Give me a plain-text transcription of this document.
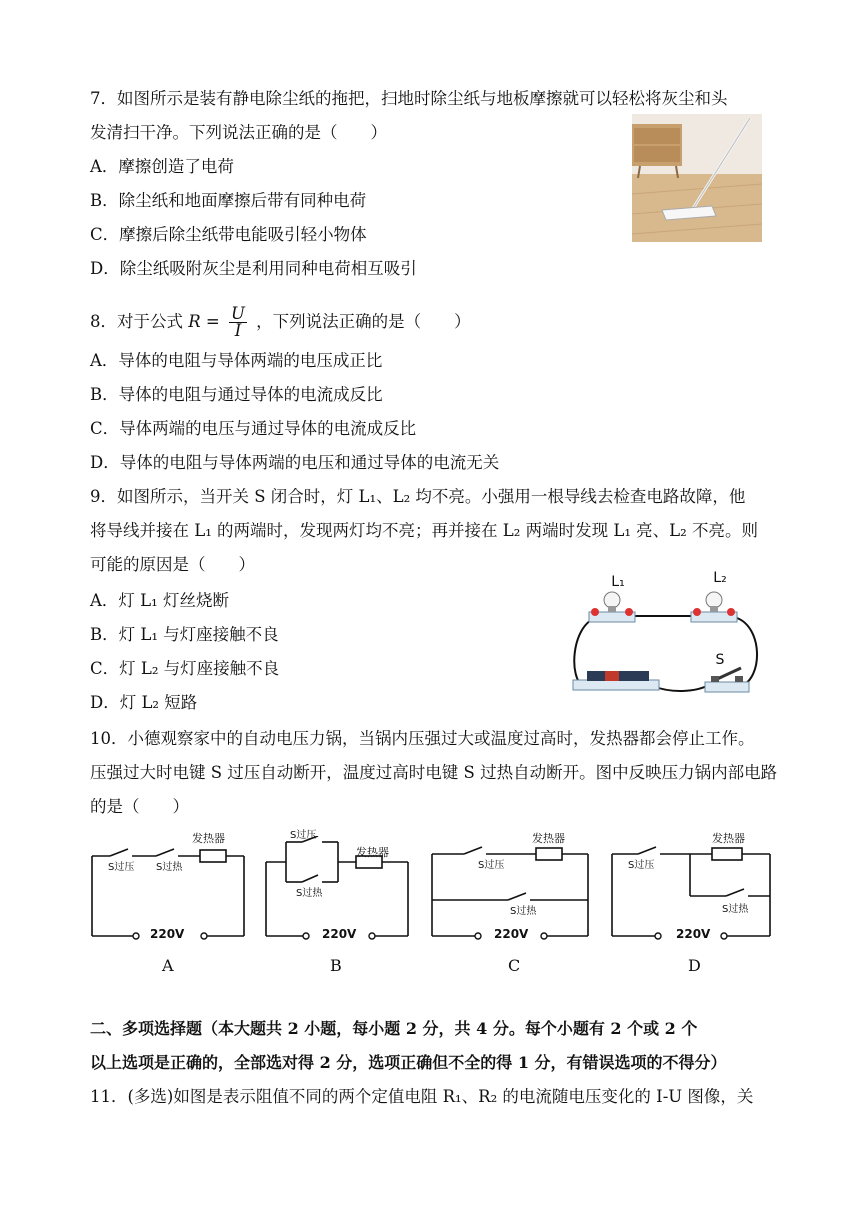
7．如图所示是装有静电除尘纸的拖把，扫地时除尘纸与地板摩擦就可以轻松将灰尘和头
发清扫干净。下列说法正确的是（　　）
A．摩擦创造了电荷
B．除尘纸和地面摩擦后带有同种电荷
C．摩擦后除尘纸带电能吸引轻小物体
D．除尘纸吸附灰尘是利用同种电荷相互吸引
8．对于公式 $R = \frac{U}{I}$ ，下列说法正确的是（　　）
A．导体的电阻与导体两端的电压成正比
B．导体的电阻与通过导体的电流成反比
C．导体两端的电压与通过导体的电流成反比
D．导体的电阻与导体两端的电压和通过导体的电流无关
9．如图所示，当开关 S 闭合时，灯 L₁、L₂ 均不亮。小强用一根导线去检查电路故障，他
将导线并接在 L₁ 的两端时，发现两灯均不亮；再并接在 L₂ 两端时发现 L₁ 亮、L₂ 不亮。则
可能的原因是（　　）
A．灯 L₁ 灯丝烧断
B．灯 L₁ 与灯座接触不良
C．灯 L₂ 与灯座接触不良
D．灯 L₂ 短路
L₁	L₂
S
10．小德观察家中的自动电压力锅，当锅内压强过大或温度过高时，发热器都会停止工作。
压强过大时电键 S 过压自动断开，温度过高时电键 S 过热自动断开。图中反映压力锅内部电路
的是（　　）
发热器
S过压 S过热
220V
A
S过压
发热器
S过热
220V
B
发热器
S过压
S过热
220V
C
发热器
S过压
S过热
220V
D
二、多项选择题（本大题共 2 小题，每小题 2 分，共 4 分。每个小题有 2 个或 2 个
以上选项是正确的，全部选对得 2 分，选项正确但不全的得 1 分，有错误选项的不得分）
11．(多选)如图是表示阻值不同的两个定值电阻 R₁、R₂ 的电流随电压变化的 I-U 图像，关
